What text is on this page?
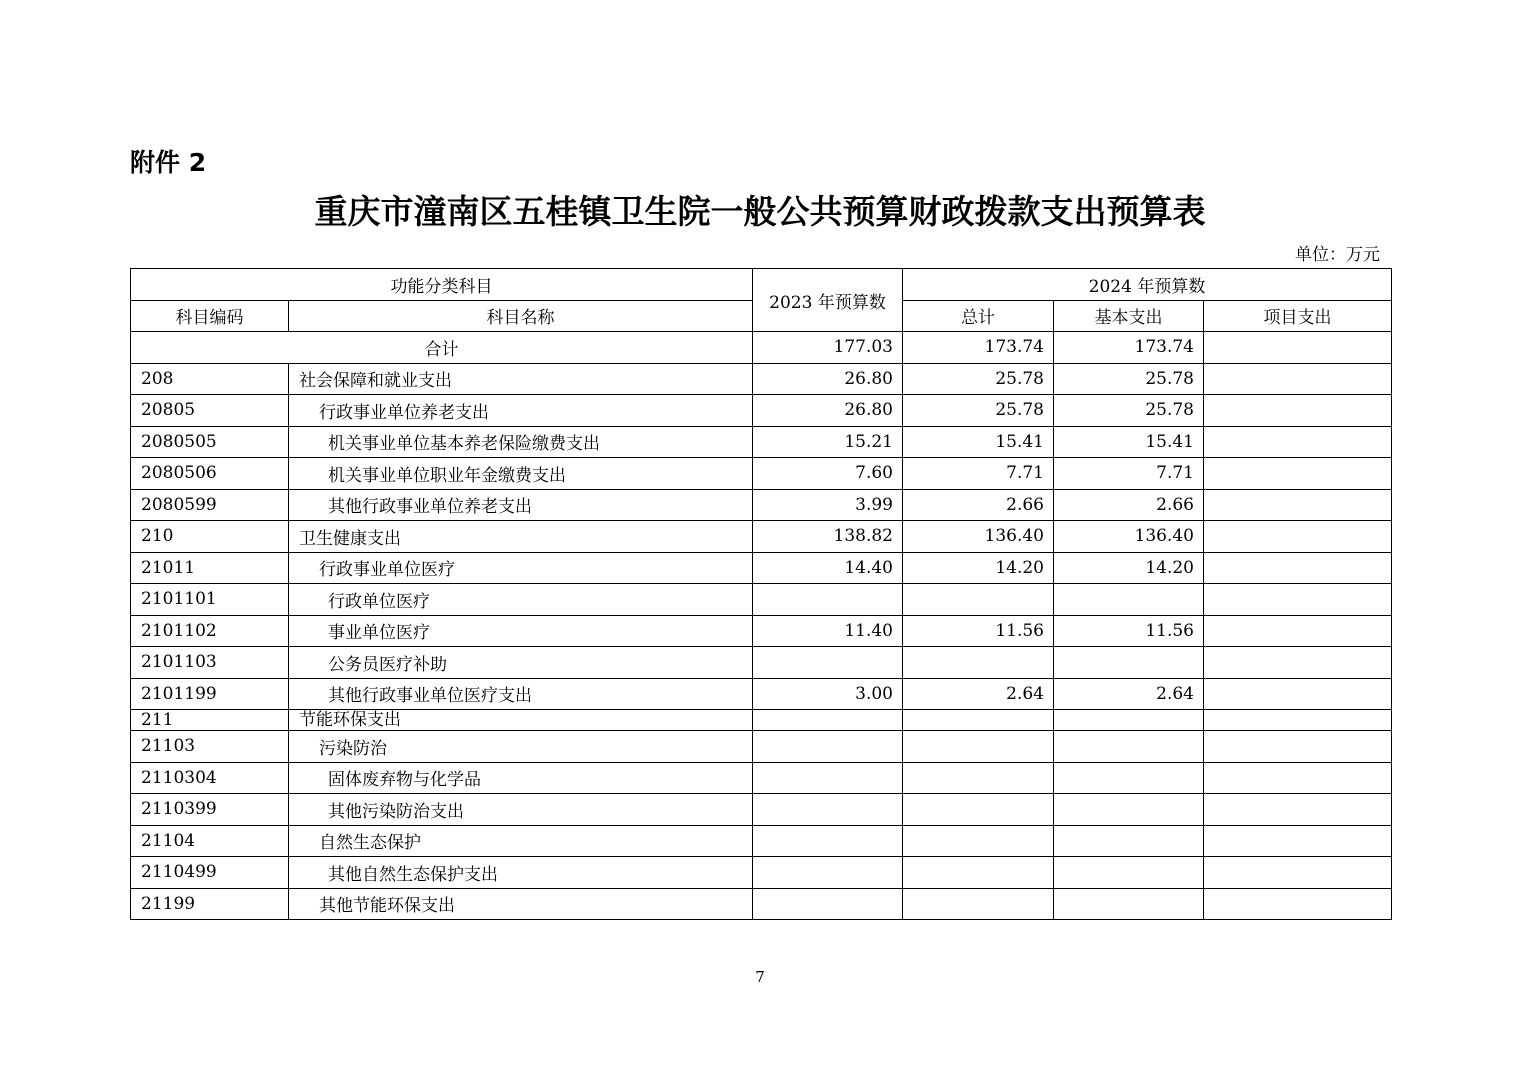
附件 2
重庆市潼南区五桂镇卫生院一般公共预算财政拨款支出预算表
单位：万元
功能分类科目		2023 年预算数	2024 年预算数		
科目编码	科目名称		总计	基本支出	项目支出
合计		177.03	173.74	173.74	
208	社会保障和就业支出	26.80	25.78	25.78	
20805	行政事业单位养老支出	26.80	25.78	25.78	
2080505	机关事业单位基本养老保险缴费支出	15.21	15.41	15.41	
2080506	机关事业单位职业年金缴费支出	7.60	7.71	7.71	
2080599	其他行政事业单位养老支出	3.99	2.66	2.66	
210	卫生健康支出	138.82	136.40	136.40	
21011	行政事业单位医疗	14.40	14.20	14.20	
2101101	行政单位医疗				
2101102	事业单位医疗	11.40	11.56	11.56	
2101103	公务员医疗补助				
2101199	其他行政事业单位医疗支出	3.00	2.64	2.64	
211	节能环保支出				
21103	污染防治				
2110304	固体废弃物与化学品				
2110399	其他污染防治支出				
21104	自然生态保护				
2110499	其他自然生态保护支出				
21199	其他节能环保支出				
7
